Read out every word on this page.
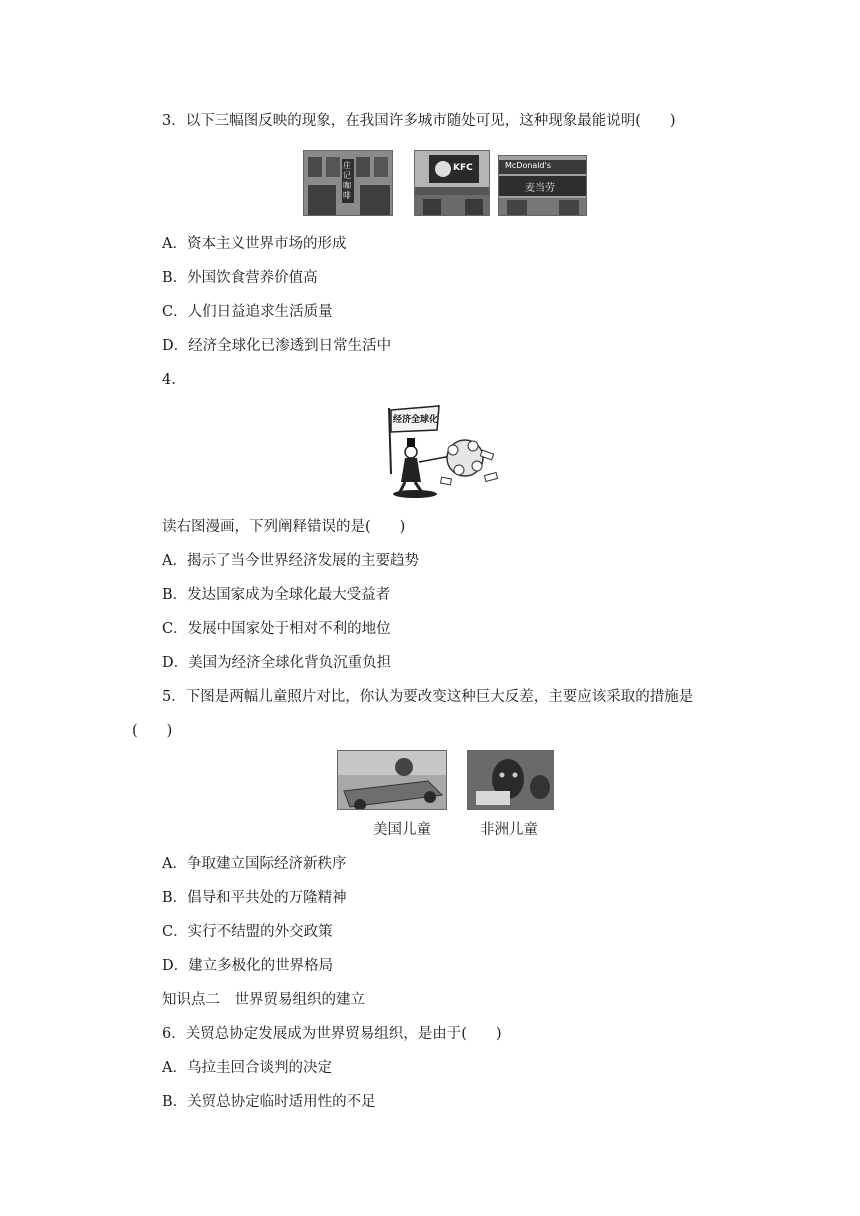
3．以下三幅图反映的现象，在我国许多城市随处可见，这种现象最能说明(　　)
庄记咖啡
KFC	McDonald's
麦当劳
A．资本主义世界市场的形成
B．外国饮食营养价值高
C．人们日益追求生活质量
D．经济全球化已渗透到日常生活中
4.
经济全球化
读右图漫画，下列阐释错误的是(　　)
A．揭示了当今世界经济发展的主要趋势
B．发达国家成为全球化最大受益者
C．发展中国家处于相对不利的地位
D．美国为经济全球化背负沉重负担
5．下图是两幅儿童照片对比，你认为要改变这种巨大反差，主要应该采取的措施是
(　　)
美国儿童	非洲儿童
A．争取建立国际经济新秩序
B．倡导和平共处的万隆精神
C．实行不结盟的外交政策
D．建立多极化的世界格局
知识点二　世界贸易组织的建立
6．关贸总协定发展成为世界贸易组织，是由于(　　)
A．乌拉圭回合谈判的决定
B．关贸总协定临时适用性的不足
